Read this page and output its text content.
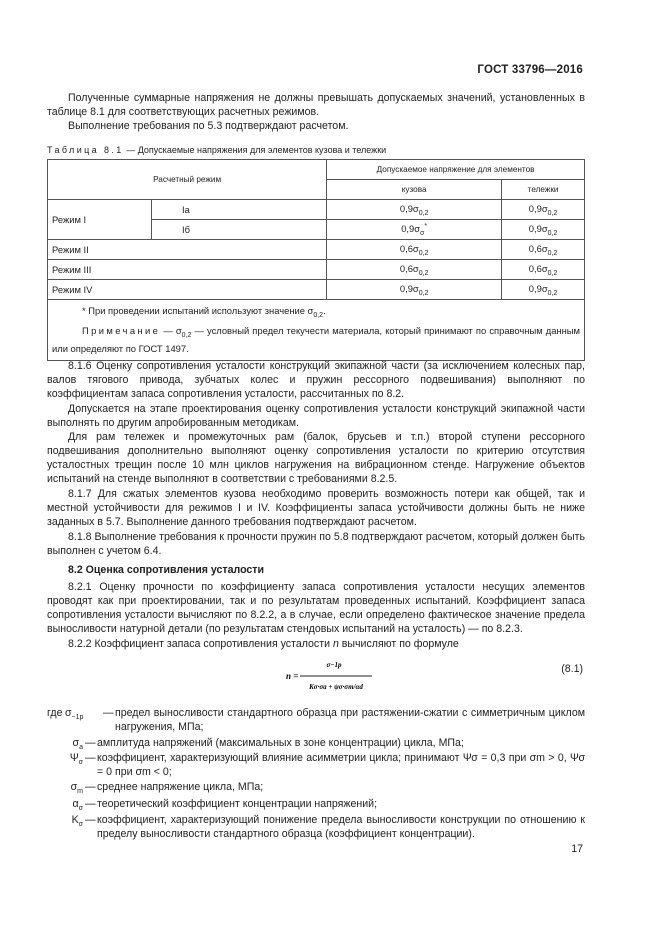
ГОСТ 33796—2016
Полученные суммарные напряжения не должны превышать допускаемых значений, установленных в таблице 8.1 для соответствующих расчетных режимов.
Выполнение требования по 5.3 подтверждают расчетом.
Таблица 8.1 — Допускаемые напряжения для элементов кузова и тележки
Расчетный режим		Допускаемое напряжение для элементов	
		кузова	тележки
Режим I	Iа	$0,9\sigma_{0,2}$	$0,9\sigma_{0,2}$
	Iб	$0,9\sigma_\sigma^*$	$0,9\sigma_{0,2}$
Режим II		$0,6\sigma_{0,2}$	$0,6\sigma_{0,2}$
Режим III		$0,6\sigma_{0,2}$	$0,6\sigma_{0,2}$
Режим IV		$0,9\sigma_{0,2}$	$0,9\sigma_{0,2}$

* При проведении испытаний используют значение $\sigma_{0,2}$.
Примечание — $\sigma_{0,2}$ — условный предел текучести материала, который принимают по справочным данным или определяют по ГОСТ 1497.			
8.1.6 Оценку сопротивления усталости конструкций экипажной части (за исключением колесных пар, валов тягового привода, зубчатых колес и пружин рессорного подвешивания) выполняют по коэффициентам запаса сопротивления усталости, рассчитанных по 8.2.
Допускается на этапе проектирования оценку сопротивления усталости конструкций экипажной части выполнять по другим апробированным методикам.
Для рам тележек и промежуточных рам (балок, брусьев и т.п.) второй ступени рессорного подвешивания дополнительно выполняют оценку сопротивления усталости по критерию отсутствия усталостных трещин после 10 млн циклов нагружения на вибрационном стенде. Нагружение объектов испытаний на стенде выполняют в соответствии с требованиями 8.2.5.
8.1.7 Для сжатых элементов кузова необходимо проверить возможность потери как общей, так и местной устойчивости для режимов I и IV. Коэффициенты запаса устойчивости должны быть не ниже заданных в 5.7. Выполнение данного требования подтверждают расчетом.
8.1.8 Выполнение требования к прочности пружин по 5.8 подтверждают расчетом, который должен быть выполнен с учетом 6.4.
8.2 Оценка сопротивления усталости
8.2.1 Оценку прочности по коэффициенту запаса сопротивления усталости несущих элементов проводят как при проектировании, так и по результатам проведенных испытаний. Коэффициент запаса сопротивления усталости вычисляют по 8.2.2, а в случае, если определено фактическое значение предела выносливости натурной детали (по результатам стендовых испытаний на усталость) — по 8.2.3.
8.2.2 Коэффициент запаса сопротивления усталости n вычисляют по формуле
n =
σ−1р
Kσ·σa + ψσ·σm/αd
(8.1)
где $\sigma_{-1р}$ — предел выносливости стандартного образца при растяжении-сжатии с симметричным циклом нагружения, МПа;
$\sigma_a$ — амплитуда напряжений (максимальных в зоне концентрации) цикла, МПа;
$\Psi_\sigma$ — коэффициент, характеризующий влияние асимметрии цикла; принимают Ψσ = 0,3 при σm > 0, Ψσ = 0 при σm < 0;
$\sigma_m$ — среднее напряжение цикла, МПа;
$\alpha_\sigma$ — теоретический коэффициент концентрации напряжений;
$K_\sigma$ — коэффициент, характеризующий понижение предела выносливости конструкции по отношению к пределу выносливости стандартного образца (коэффициент концентрации).
17
